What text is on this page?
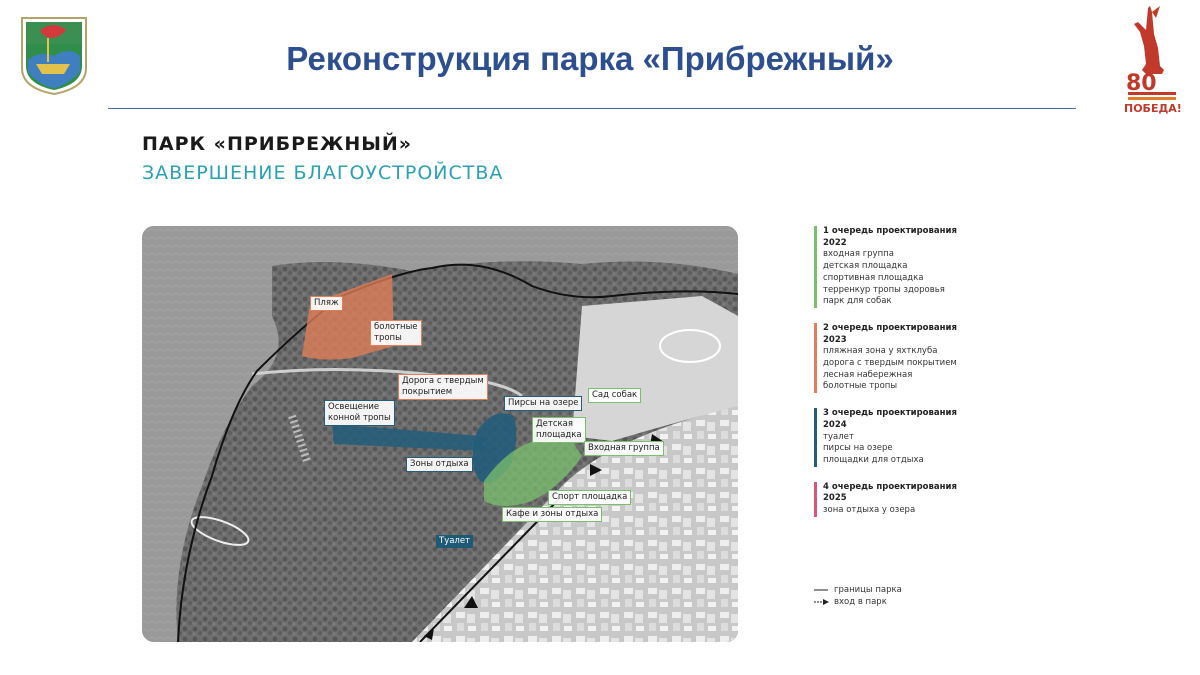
Реконструкция парка «Прибрежный»
80
ПОБЕДА!
ПАРК «ПРИБРЕЖНЫЙ»
ЗАВЕРШЕНИЕ БЛАГОУСТРОЙСТВА
Пляж
болотные
тропы
Дорога с твердым
покрытием
Освещение
конной тропы
Пирсы на озере
Сад собак
Детская
площадка
Входная группа
Зоны отдыха
Спорт площадка
Кафе и зоны отдыха
Туалет
1 очередь проектирования
2022
входная группа
детская площадка
спортивная площадка
терренкур тропы здоровья
парк для собак
2 очередь проектирования
2023
пляжная зона у яхтклуба
дорога с твердым покрытием
лесная набережная
болотные тропы
3 очередь проектирования
2024
туалет
пирсы на озере
площадки для отдыха
4 очередь проектирования
2025
зона отдыха у озера
границы парка
вход в парк
